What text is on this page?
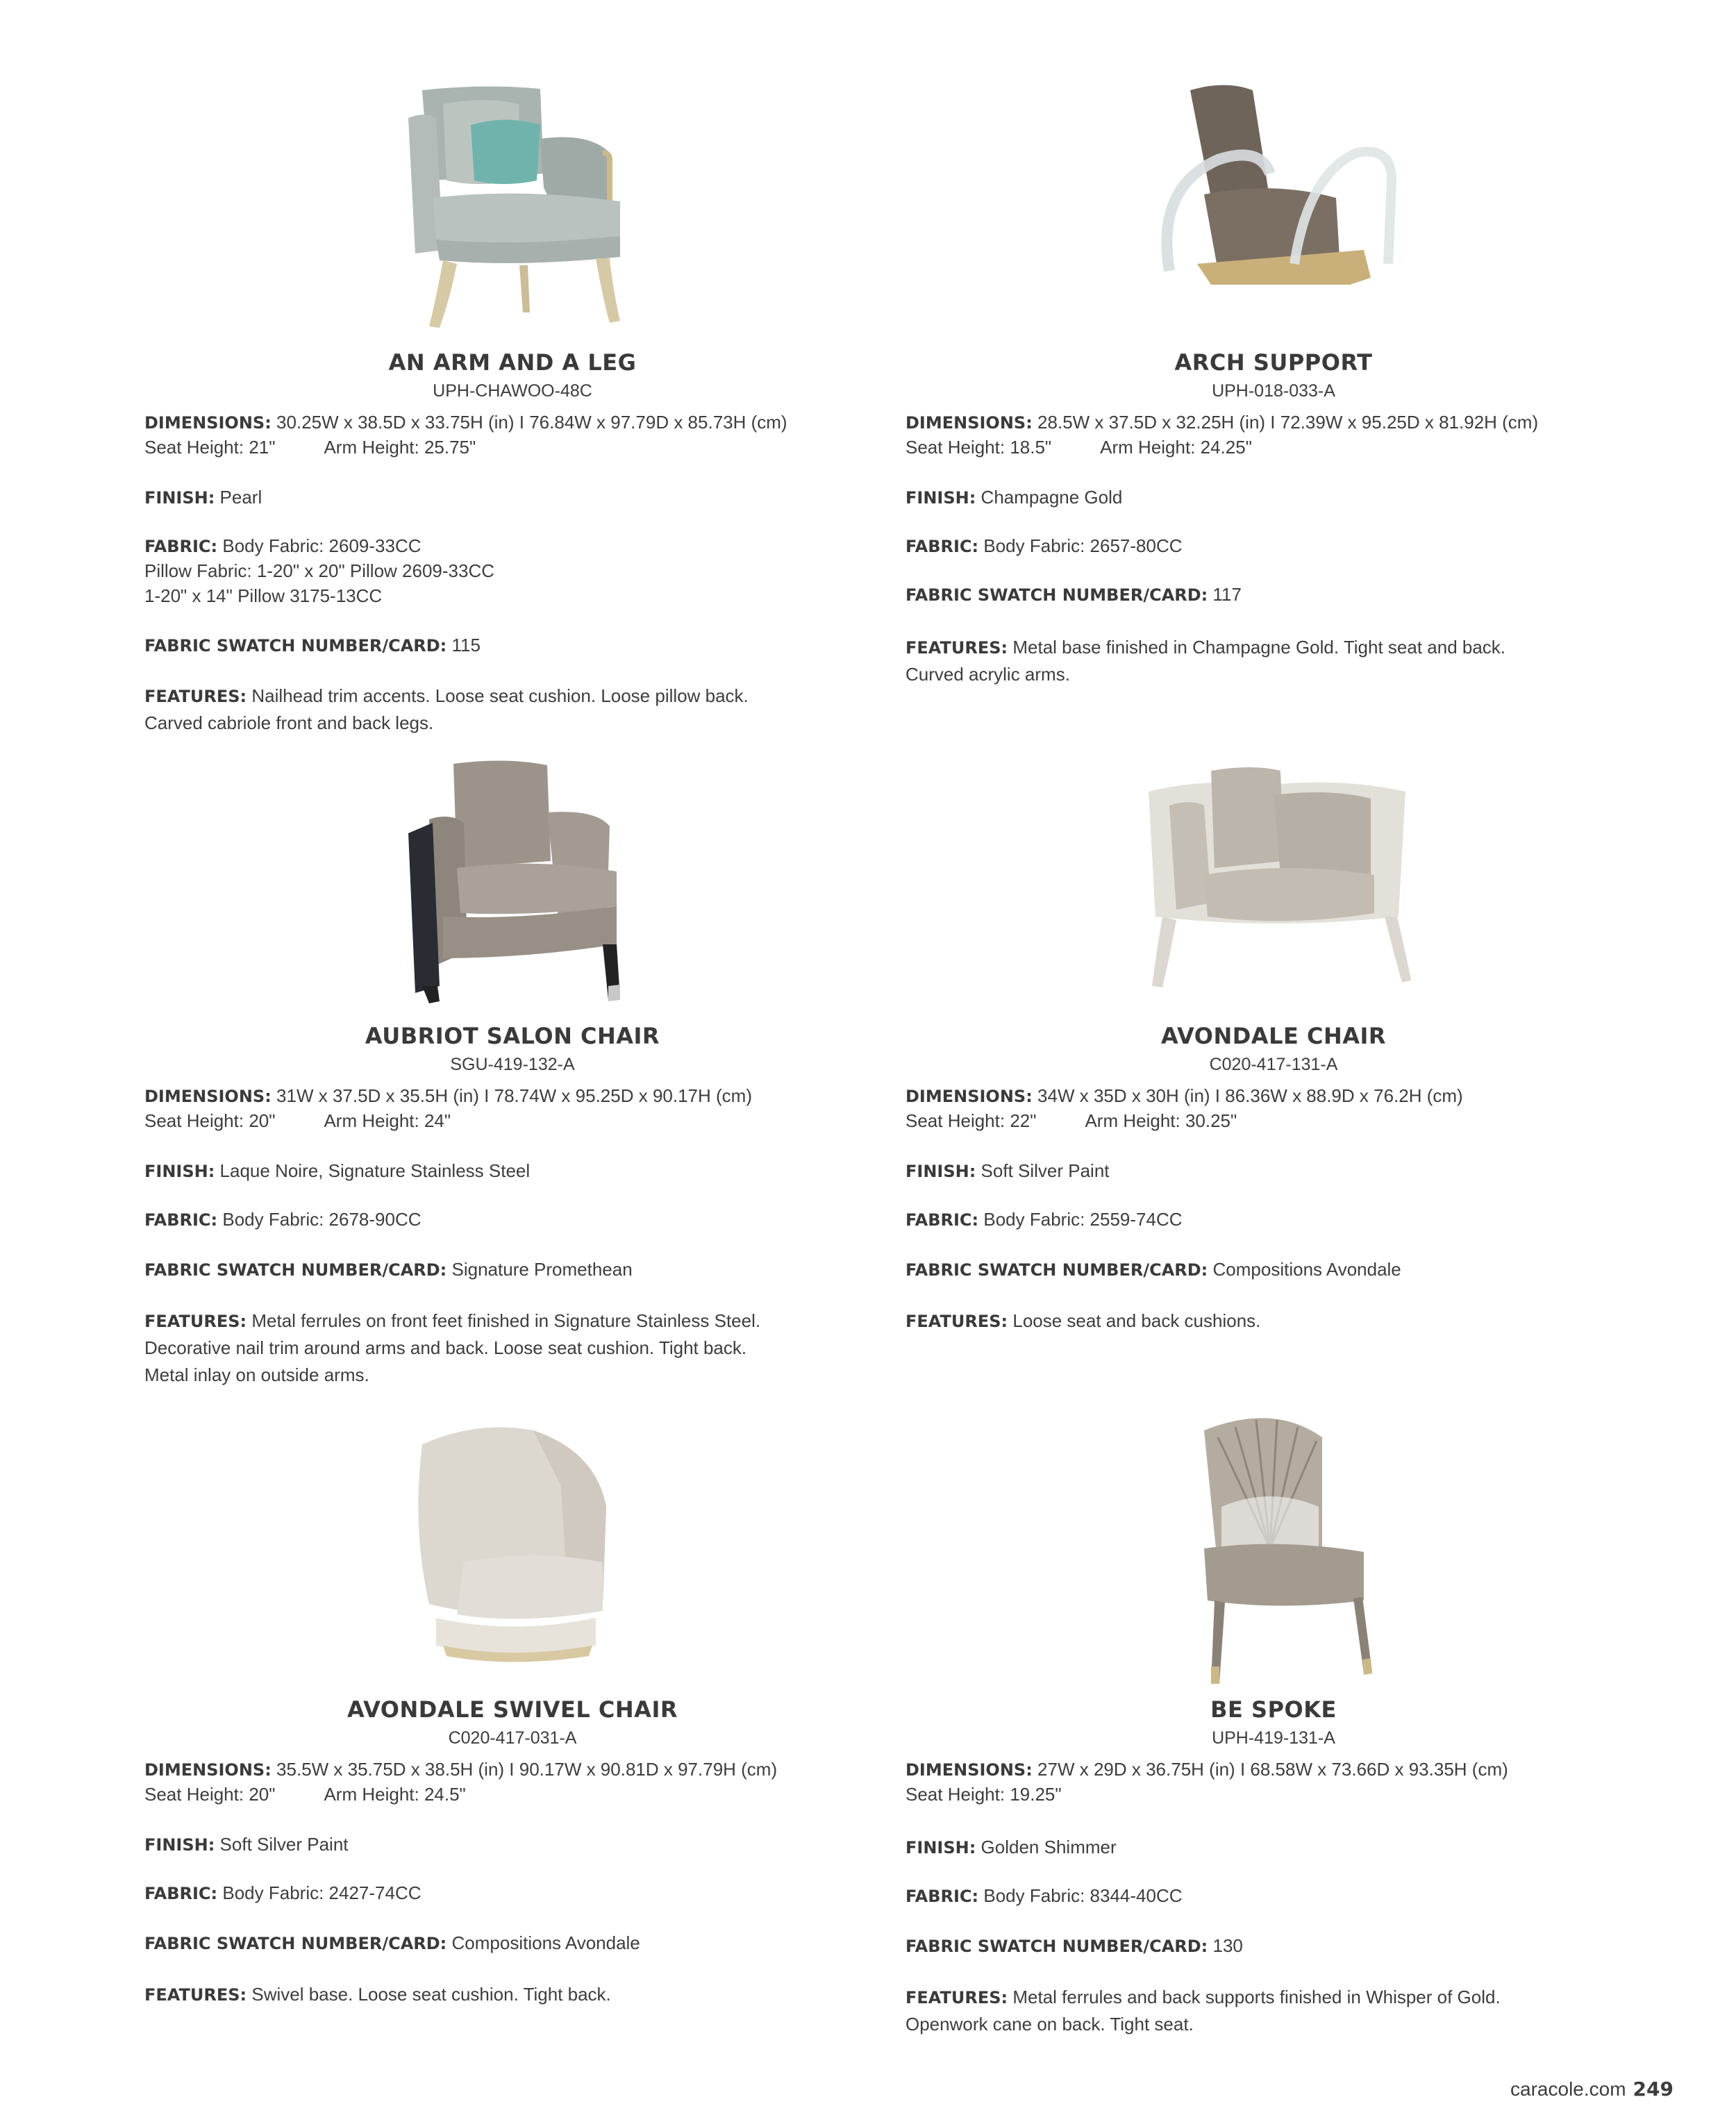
AN ARM AND A LEG
UPH-CHAWOO-48C
DIMENSIONS: 30.25W x 38.5D x 33.75H (in) I 76.84W x 97.79D x 85.73H (cm)
Seat Height: 21"	Arm Height: 25.75"
FINISH: Pearl
FABRIC: Body Fabric: 2609-33CC
Pillow Fabric: 1-20" x 20" Pillow 2609-33CC
1-20" x 14" Pillow 3175-13CC
FABRIC SWATCH NUMBER/CARD: 115
FEATURES: Nailhead trim accents. Loose seat cushion. Loose pillow back.
Carved cabriole front and back legs.
ARCH SUPPORT
UPH-018-033-A
DIMENSIONS: 28.5W x 37.5D x 32.25H (in) I 72.39W x 95.25D x 81.92H (cm)
Seat Height: 18.5"	Arm Height: 24.25"
FINISH: Champagne Gold
FABRIC: Body Fabric: 2657-80CC
FABRIC SWATCH NUMBER/CARD: 117
FEATURES: Metal base finished in Champagne Gold. Tight seat and back.
Curved acrylic arms.
AUBRIOT SALON CHAIR
SGU-419-132-A
DIMENSIONS: 31W x 37.5D x 35.5H (in) I 78.74W x 95.25D x 90.17H (cm)
Seat Height: 20"	Arm Height: 24"
FINISH: Laque Noire, Signature Stainless Steel
FABRIC: Body Fabric: 2678-90CC
FABRIC SWATCH NUMBER/CARD: Signature Promethean
FEATURES: Metal ferrules on front feet finished in Signature Stainless Steel.
Decorative nail trim around arms and back. Loose seat cushion. Tight back.
Metal inlay on outside arms.
AVONDALE CHAIR
C020-417-131-A
DIMENSIONS: 34W x 35D x 30H (in) I 86.36W x 88.9D x 76.2H (cm)
Seat Height: 22"	Arm Height: 30.25"
FINISH: Soft Silver Paint
FABRIC: Body Fabric: 2559-74CC
FABRIC SWATCH NUMBER/CARD: Compositions Avondale
FEATURES: Loose seat and back cushions.
AVONDALE SWIVEL CHAIR
C020-417-031-A
DIMENSIONS: 35.5W x 35.75D x 38.5H (in) I 90.17W x 90.81D x 97.79H (cm)
Seat Height: 20"	Arm Height: 24.5"
FINISH: Soft Silver Paint
FABRIC: Body Fabric: 2427-74CC
FABRIC SWATCH NUMBER/CARD: Compositions Avondale
FEATURES: Swivel base. Loose seat cushion. Tight back.
BE SPOKE
UPH-419-131-A
DIMENSIONS: 27W x 29D x 36.75H (in) I 68.58W x 73.66D x 93.35H (cm)
Seat Height: 19.25"
FINISH: Golden Shimmer
FABRIC: Body Fabric: 8344-40CC
FABRIC SWATCH NUMBER/CARD: 130
FEATURES: Metal ferrules and back supports finished in Whisper of Gold.
Openwork cane on back. Tight seat.
caracole.com 249
